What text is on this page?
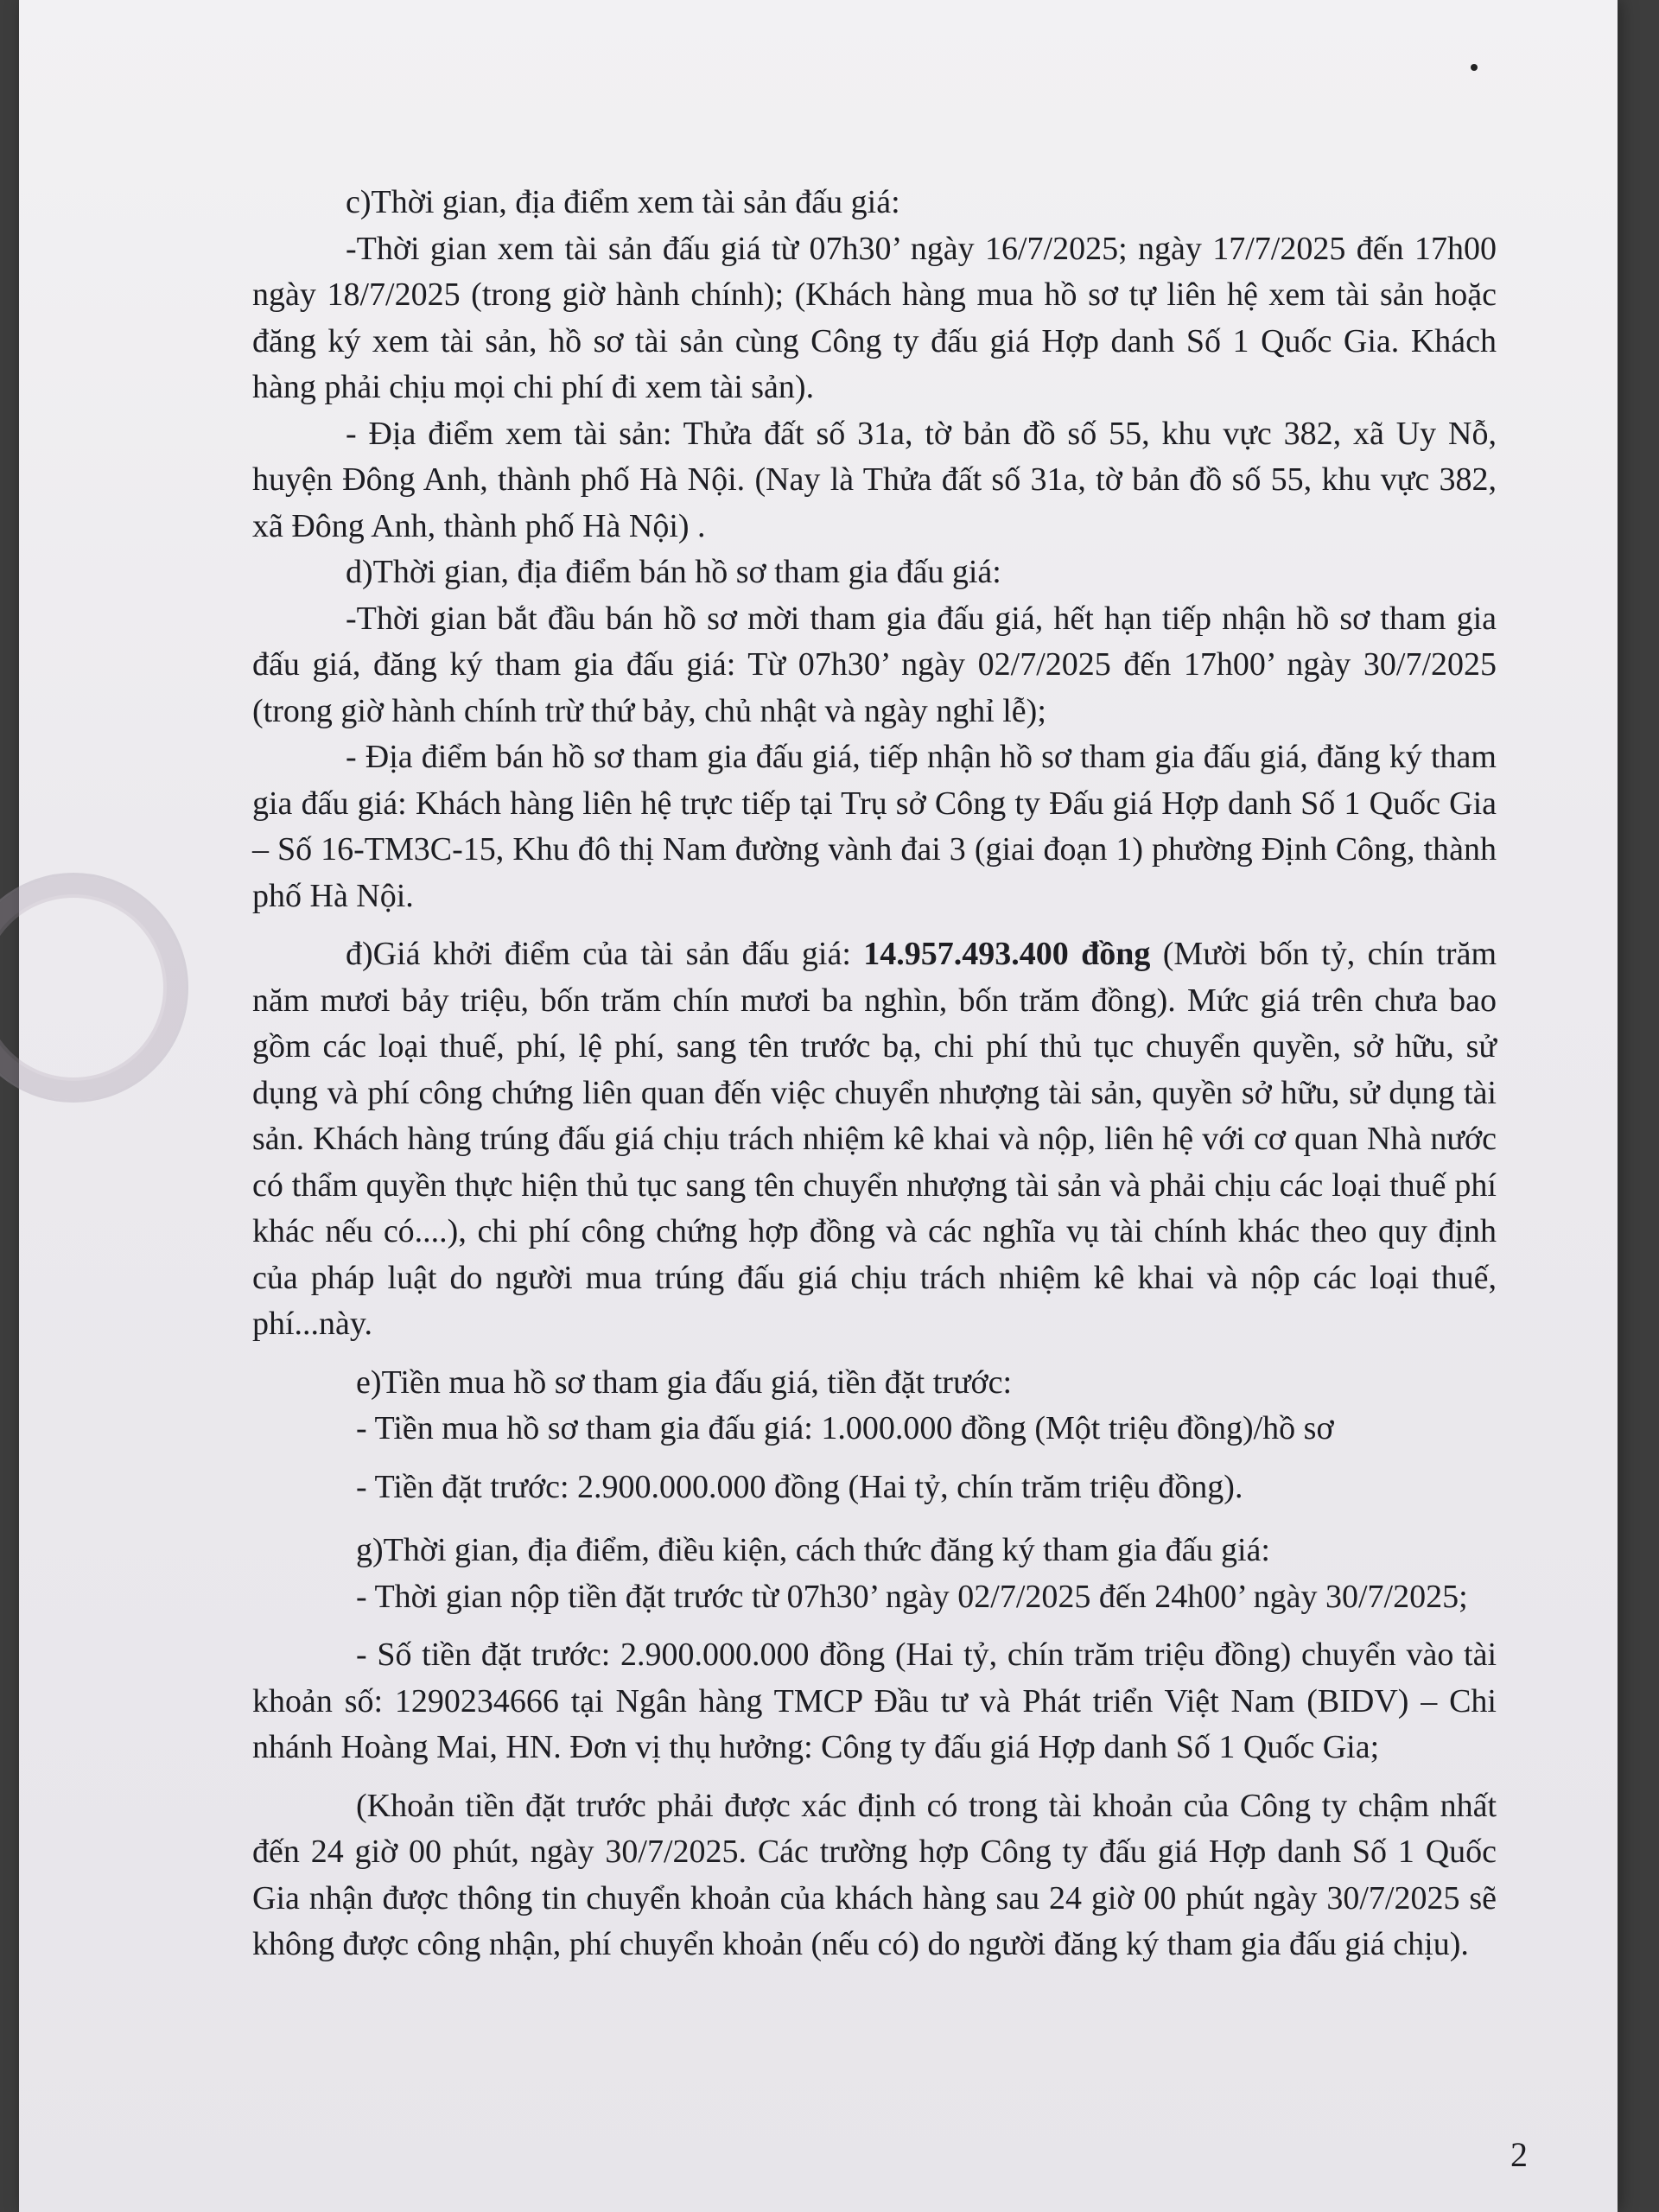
c)Thời gian, địa điểm xem tài sản đấu giá:

-Thời gian xem tài sản đấu giá từ 07h30’ ngày 16/7/2025; ngày 17/7/2025 đến 17h00 ngày 18/7/2025 (trong giờ hành chính); (Khách hàng mua hồ sơ tự liên hệ xem tài sản hoặc đăng ký xem tài sản, hồ sơ tài sản cùng Công ty đấu giá Hợp danh Số 1 Quốc Gia. Khách hàng phải chịu mọi chi phí đi xem tài sản).

- Địa điểm xem tài sản: Thửa đất số 31a, tờ bản đồ số 55, khu vực 382, xã Uy Nỗ, huyện Đông Anh, thành phố Hà Nội. (Nay là Thửa đất số 31a, tờ bản đồ số 55, khu vực 382, xã Đông Anh, thành phố Hà Nội) .

d)Thời gian, địa điểm bán hồ sơ tham gia đấu giá:

-Thời gian bắt đầu bán hồ sơ mời tham gia đấu giá, hết hạn tiếp nhận hồ sơ tham gia đấu giá, đăng ký tham gia đấu giá: Từ 07h30’ ngày 02/7/2025 đến 17h00’ ngày 30/7/2025 (trong giờ hành chính trừ thứ bảy, chủ nhật và ngày nghỉ lễ);

- Địa điểm bán hồ sơ tham gia đấu giá, tiếp nhận hồ sơ tham gia đấu giá, đăng ký tham gia đấu giá: Khách hàng liên hệ trực tiếp tại Trụ sở Công ty Đấu giá Hợp danh Số 1 Quốc Gia – Số 16-TM3C-15, Khu đô thị Nam đường vành đai 3 (giai đoạn 1) phường Định Công, thành phố Hà Nội.

đ)Giá khởi điểm của tài sản đấu giá: 14.957.493.400 đồng (Mười bốn tỷ, chín trăm năm mươi bảy triệu, bốn trăm chín mươi ba nghìn, bốn trăm đồng). Mức giá trên chưa bao gồm các loại thuế, phí, lệ phí, sang tên trước bạ, chi phí thủ tục chuyển quyền, sở hữu, sử dụng và phí công chứng liên quan đến việc chuyển nhượng tài sản, quyền sở hữu, sử dụng tài sản. Khách hàng trúng đấu giá chịu trách nhiệm kê khai và nộp, liên hệ với cơ quan Nhà nước có thẩm quyền thực hiện thủ tục sang tên chuyển nhượng tài sản và phải chịu các loại thuế phí khác nếu có....), chi phí công chứng hợp đồng và các nghĩa vụ tài chính khác theo quy định của pháp luật do người mua trúng đấu giá chịu trách nhiệm kê khai và nộp các loại thuế, phí...này.

e)Tiền mua hồ sơ tham gia đấu giá, tiền đặt trước:

- Tiền mua hồ sơ tham gia đấu giá: 1.000.000 đồng (Một triệu đồng)/hồ sơ

- Tiền đặt trước: 2.900.000.000 đồng (Hai tỷ, chín trăm triệu đồng).

g)Thời gian, địa điểm, điều kiện, cách thức đăng ký tham gia đấu giá:

- Thời gian nộp tiền đặt trước từ 07h30’ ngày 02/7/2025 đến 24h00’ ngày 30/7/2025;

- Số tiền đặt trước: 2.900.000.000 đồng (Hai tỷ, chín trăm triệu đồng) chuyển vào tài khoản số: 1290234666 tại Ngân hàng TMCP Đầu tư và Phát triển Việt Nam (BIDV) – Chi nhánh Hoàng Mai, HN. Đơn vị thụ hưởng: Công ty đấu giá Hợp danh Số 1 Quốc Gia;

(Khoản tiền đặt trước phải được xác định có trong tài khoản của Công ty chậm nhất đến 24 giờ 00 phút, ngày 30/7/2025. Các trường hợp Công ty đấu giá Hợp danh Số 1 Quốc Gia nhận được thông tin chuyển khoản của khách hàng sau 24 giờ 00 phút ngày 30/7/2025 sẽ không được công nhận, phí chuyển khoản (nếu có) do người đăng ký tham gia đấu giá chịu).

2
